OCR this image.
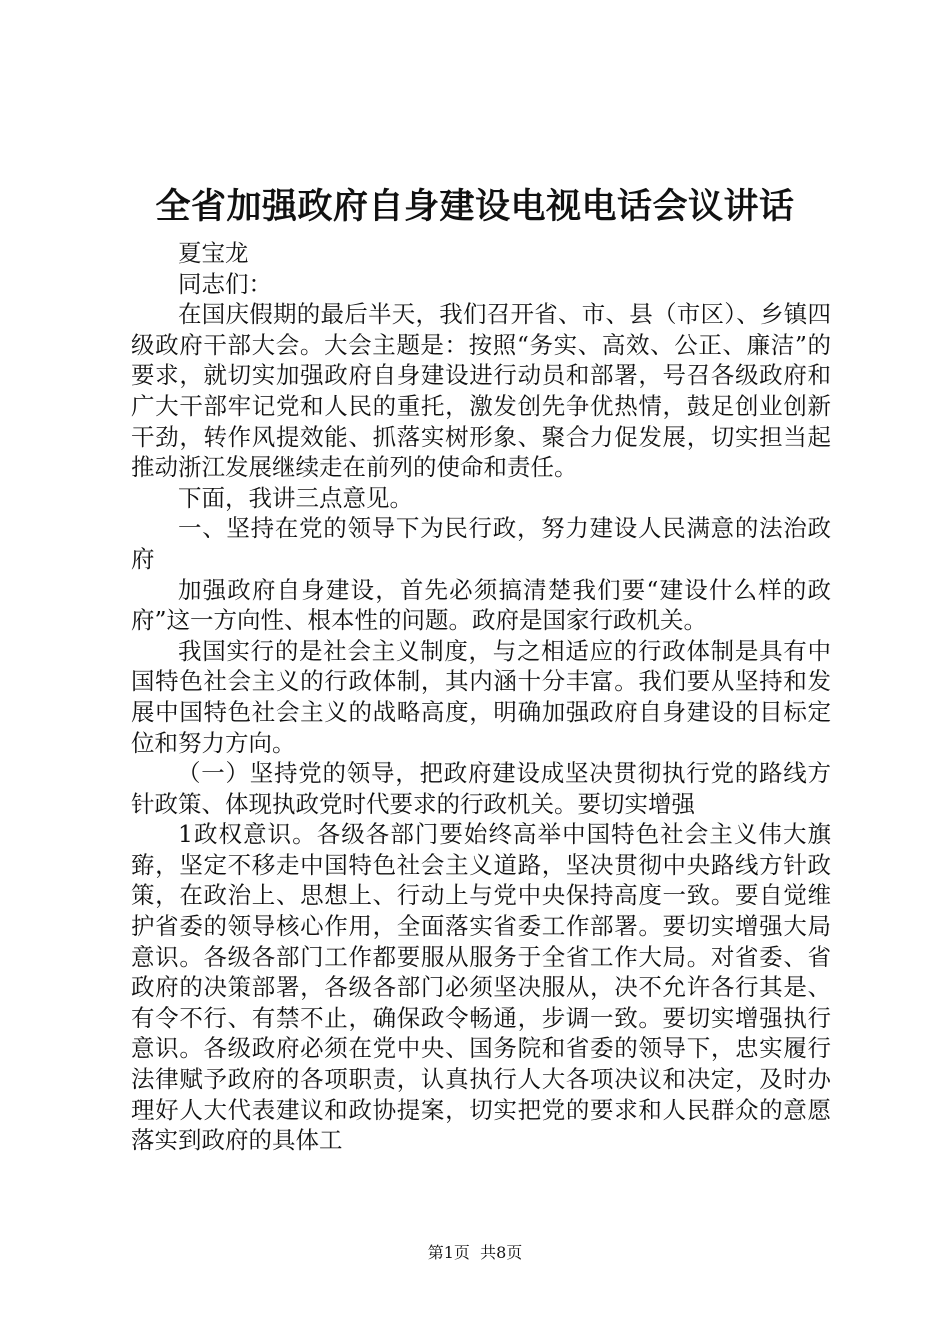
全省加强政府自身建设电视电话会议讲话

夏宝龙

同志们：

在国庆假期的最后半天，我们召开省、市、县（市区）、乡镇四级政府干部大会。大会主题是：按照“务实、高效、公正、廉洁”的要求，就切实加强政府自身建设进行动员和部署，号召各级政府和广大干部牢记党和人民的重托，激发创先争优热情，鼓足创业创新干劲，转作风提效能、抓落实树形象、聚合力促发展，切实担当起推动浙江发展继续走在前列的使命和责任。

下面，我讲三点意见。

一、坚持在党的领导下为民行政，努力建设人民满意的法治政府

加强政府自身建设，首先必须搞清楚我们要“建设什么样的政府”这一方向性、根本性的问题。政府是国家行政机关。

我国实行的是社会主义制度，与之相适应的行政体制是具有中国特色社会主义的行政体制，其内涵十分丰富。我们要从坚持和发展中国特色社会主义的战略高度，明确加强政府自身建设的目标定位和努力方向。

（一）坚持党的领导，把政府建设成坚决贯彻执行党的路线方针政策、体现执政党时代要求的行政机关。要切实增强

1政权意识。各级各部门要始终高举中国特色社会主义伟大旗臶，坚定不移走中国特色社会主义道路，坚决贯彻中央路线方针政策，在政治上、思想上、行动上与党中央保持高度一致。要自觉维护省委的领导核心作用，全面落实省委工作部署。要切实增强大局意识。各级各部门工作都要服从服务于全省工作大局。对省委、省政府的决策部署，各级各部门必须坚决服从，决不允许各行其是、有令不行、有禁不止，确保政令畅通，步调一致。要切实增强执行意识。各级政府必须在党中央、国务院和省委的领导下，忠实履行法律赋予政府的各项职责，认真执行人大各项决议和决定，及时办理好人大代表建议和政协提案，切实把党的要求和人民群众的意愿落实到政府的具体工

第1页 共8页
